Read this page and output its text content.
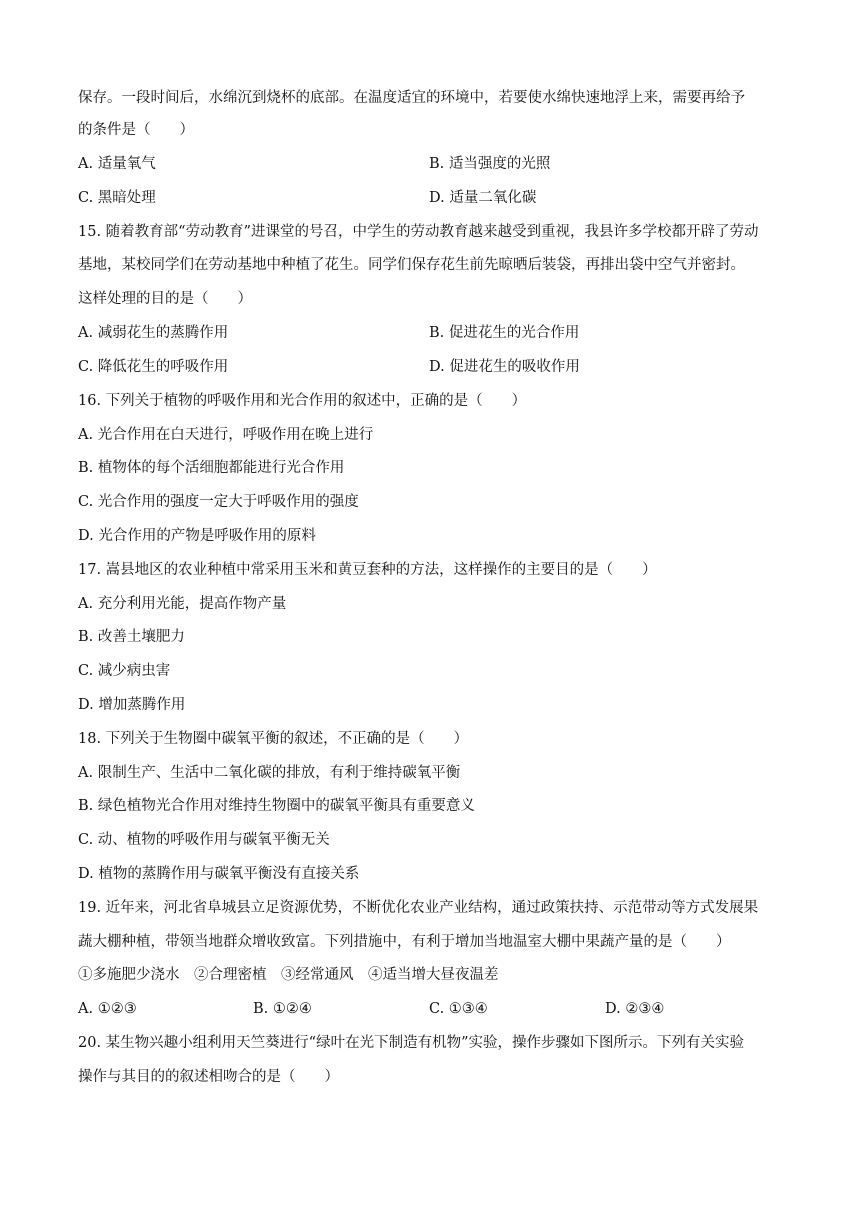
保存。一段时间后，水绵沉到烧杯的底部。在温度适宜的环境中，若要使水绵快速地浮上来，需要再给予
的条件是（　　）
A. 适量氧气	B. 适当强度的光照
C. 黑暗处理	D. 适量二氧化碳
15. 随着教育部“劳动教育”进课堂的号召，中学生的劳动教育越来越受到重视，我县许多学校都开辟了劳动
基地，某校同学们在劳动基地中种植了花生。同学们保存花生前先晾晒后装袋，再排出袋中空气并密封。
这样处理的目的是（　　）
A. 减弱花生的蒸腾作用	B. 促进花生的光合作用
C. 降低花生的呼吸作用	D. 促进花生的吸收作用
16. 下列关于植物的呼吸作用和光合作用的叙述中，正确的是（　　）
A. 光合作用在白天进行，呼吸作用在晚上进行
B. 植物体的每个活细胞都能进行光合作用
C. 光合作用的强度一定大于呼吸作用的强度
D. 光合作用的产物是呼吸作用的原料
17. 嵩县地区的农业种植中常采用玉米和黄豆套种的方法，这样操作的主要目的是（　　）
A. 充分利用光能，提高作物产量
B. 改善土壤肥力
C. 减少病虫害
D. 增加蒸腾作用
18. 下列关于生物圈中碳氧平衡的叙述，不正确的是（　　）
A. 限制生产、生活中二氧化碳的排放，有利于维持碳氧平衡
B. 绿色植物光合作用对维持生物圈中的碳氧平衡具有重要意义
C. 动、植物的呼吸作用与碳氧平衡无关
D. 植物的蒸腾作用与碳氧平衡没有直接关系
19. 近年来，河北省阜城县立足资源优势，不断优化农业产业结构，通过政策扶持、示范带动等方式发展果
蔬大棚种植，带领当地群众增收致富。下列措施中，有利于增加当地温室大棚中果蔬产量的是（　　）
①多施肥少浇水　②合理密植　③经常通风　④适当增大昼夜温差
A. ①②③	B. ①②④	C. ①③④	D. ②③④
20. 某生物兴趣小组利用天竺葵进行“绿叶在光下制造有机物”实验，操作步骤如下图所示。下列有关实验
操作与其目的的叙述相吻合的是（　　）
